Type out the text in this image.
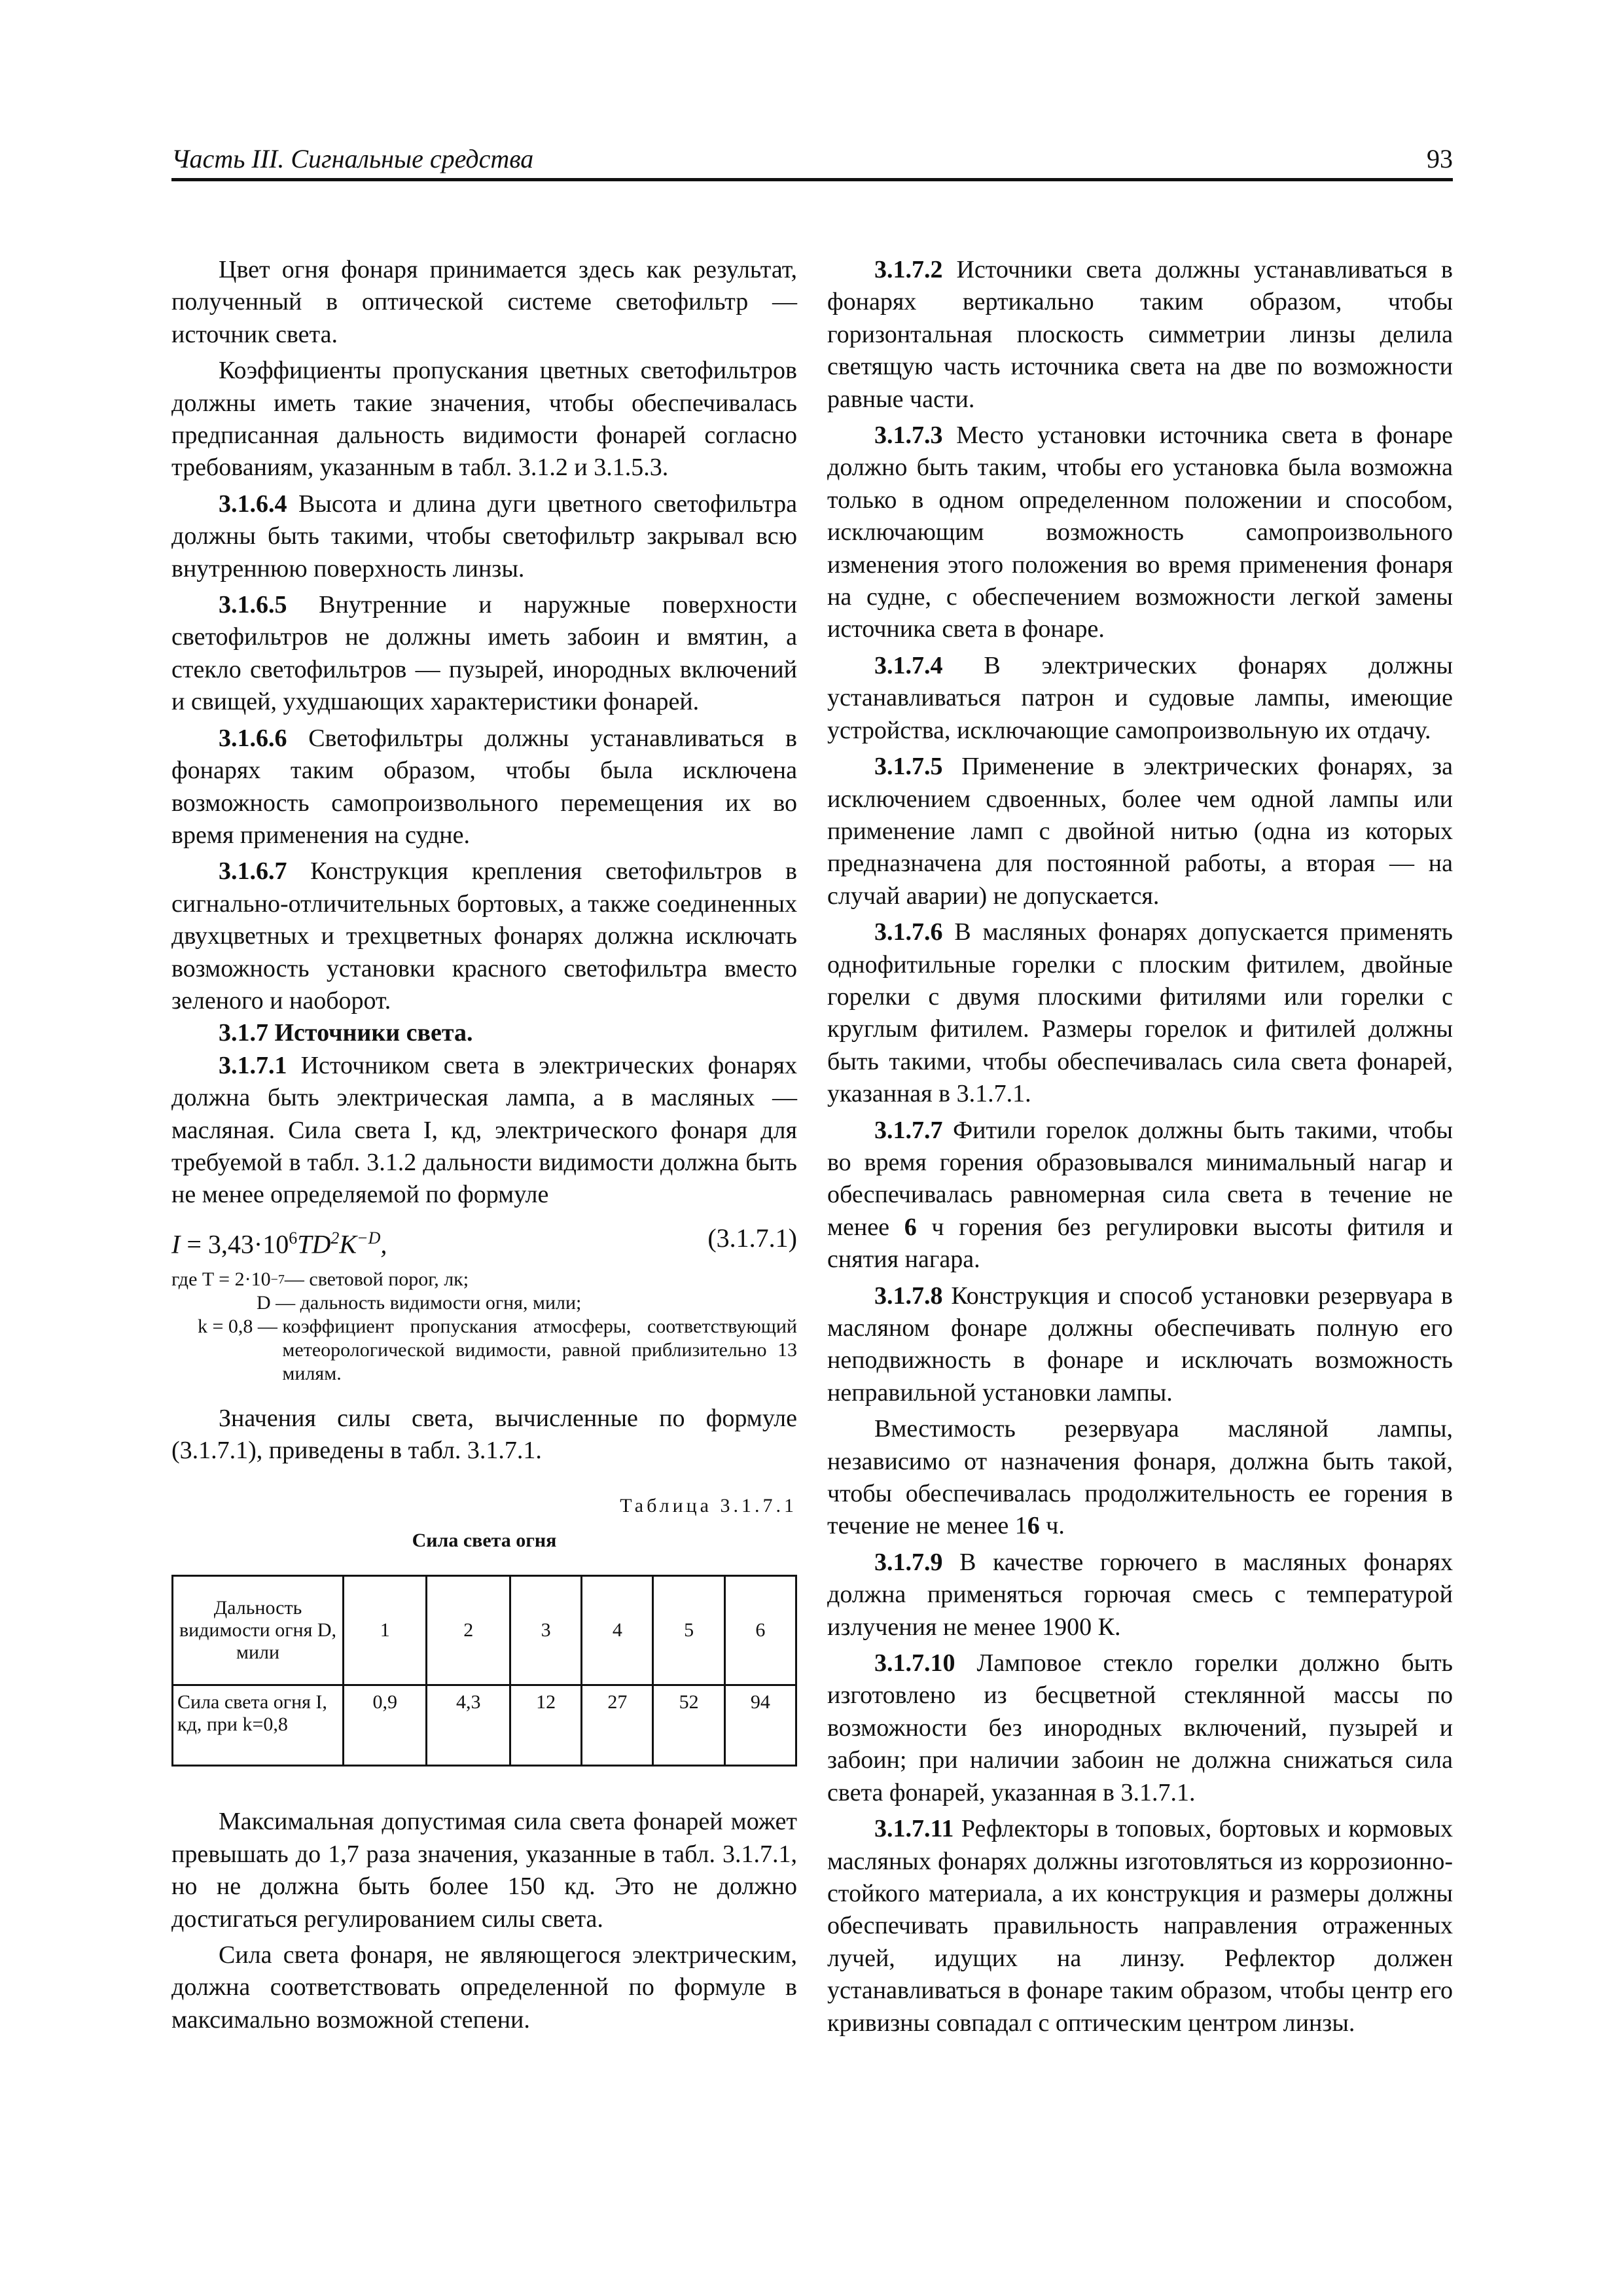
Часть III. Сигнальные средства	93

Цвет огня фонаря принимается здесь как результат, полученный в оптической системе светофильтр — источник света.

Коэффициенты пропускания цветных светофильтров должны иметь такие значения, чтобы обеспечивалась предписанная дальность видимости фонарей согласно требованиям, указанным в табл. 3.1.2 и 3.1.5.3.

3.1.6.4 Высота и длина дуги цветного светофильтра должны быть такими, чтобы светофильтр закрывал всю внутреннюю поверхность линзы.

3.1.6.5 Внутренние и наружные поверхности светофильтров не должны иметь забоин и вмятин, а стекло светофильтров — пузырей, инородных включений и свищей, ухудшающих характеристики фонарей.

3.1.6.6 Светофильтры должны устанавливаться в фонарях таким образом, чтобы была исключена возможность самопроизвольного перемещения их во время применения на судне.

3.1.6.7 Конструкция крепления светофильтров в сигнально-отличительных бортовых, а также соединенных двухцветных и трехцветных фонарях должна исключать возможность установки красного светофильтра вместо зеленого и наоборот.

3.1.7 Источники света.

3.1.7.1 Источником света в электрических фонарях должна быть электрическая лампа, а в масляных — масляная. Сила света I, кд, электрического фонаря для требуемой в табл. 3.1.2 дальности видимости должна быть не менее определяемой по формуле

$I = 3,43\cdot 10^6TD^2K^{-D}$,	(3.1.7.1)
где T = 2·10 −7 — световой порог, лк;
D — дальность видимости огня, мили;
k = 0,8 — коэффициент пропускания атмосферы, соответствующий метеорологической видимости, равной приблизительно 13 милям.

Значения силы света, вычисленные по формуле (3.1.7.1), приведены в табл. 3.1.7.1.

Таблица 3.1.7.1
Сила света огня
Дальность видимости огня D, мили	1	2	3	4	5	6
Сила света огня I, кд, при k=0,8	0,9	4,3	12	27	52	94

Максимальная допустимая сила света фонарей может превышать до 1,7 раза значения, указанные в табл. 3.1.7.1, но не должна быть более 150 кд. Это не должно достигаться регулированием силы света.

Сила света фонаря, не являющегося электрическим, должна соответствовать определенной по формуле в максимально возможной степени.

3.1.7.2 Источники света должны устанавливаться в фонарях вертикально таким образом, чтобы горизонтальная плоскость симметрии линзы делила светящую часть источника света на две по возможности равные части.

3.1.7.3 Место установки источника света в фонаре должно быть таким, чтобы его установка была возможна только в одном определенном положении и способом, исключающим возможность самопроизвольного изменения этого положения во время применения фонаря на судне, с обеспечением возможности легкой замены источника света в фонаре.

3.1.7.4 В электрических фонарях должны устанавливаться патрон и судовые лампы, имеющие устройства, исключающие самопроизвольную их отдачу.

3.1.7.5 Применение в электрических фонарях, за исключением сдвоенных, более чем одной лампы или применение ламп с двойной нитью (одна из которых предназначена для постоянной работы, а вторая — на случай аварии) не допускается.

3.1.7.6 В масляных фонарях допускается применять однофитильные горелки с плоским фитилем, двойные горелки с двумя плоскими фитилями или горелки с круглым фитилем. Размеры горелок и фитилей должны быть такими, чтобы обеспечивалась сила света фонарей, указанная в 3.1.7.1.

3.1.7.7 Фитили горелок должны быть такими, чтобы во время горения образовывался минимальный нагар и обеспечивалась равномерная сила света в течение не менее 6 ч горения без регулировки высоты фитиля и снятия нагара.

3.1.7.8 Конструкция и способ установки резервуара в масляном фонаре должны обеспечивать полную его неподвижность в фонаре и исключать возможность неправильной установки лампы.

Вместимость резервуара масляной лампы, независимо от назначения фонаря, должна быть такой, чтобы обеспечивалась продолжительность ее горения в течение не менее 16 ч.

3.1.7.9 В качестве горючего в масляных фонарях должна применяться горючая смесь с температурой излучения не менее 1900 К.

3.1.7.10 Ламповое стекло горелки должно быть изготовлено из бесцветной стеклянной массы по возможности без инородных включений, пузырей и забоин; при наличии забоин не должна снижаться сила света фонарей, указанная в 3.1.7.1.

3.1.7.11 Рефлекторы в топовых, бортовых и кормовых масляных фонарях должны изготовляться из коррозионно-стойкого материала, а их конструкция и размеры должны обеспечивать правильность направления отраженных лучей, идущих на линзу. Рефлектор должен устанавливаться в фонаре таким образом, чтобы центр его кривизны совпадал с оптическим центром линзы.
